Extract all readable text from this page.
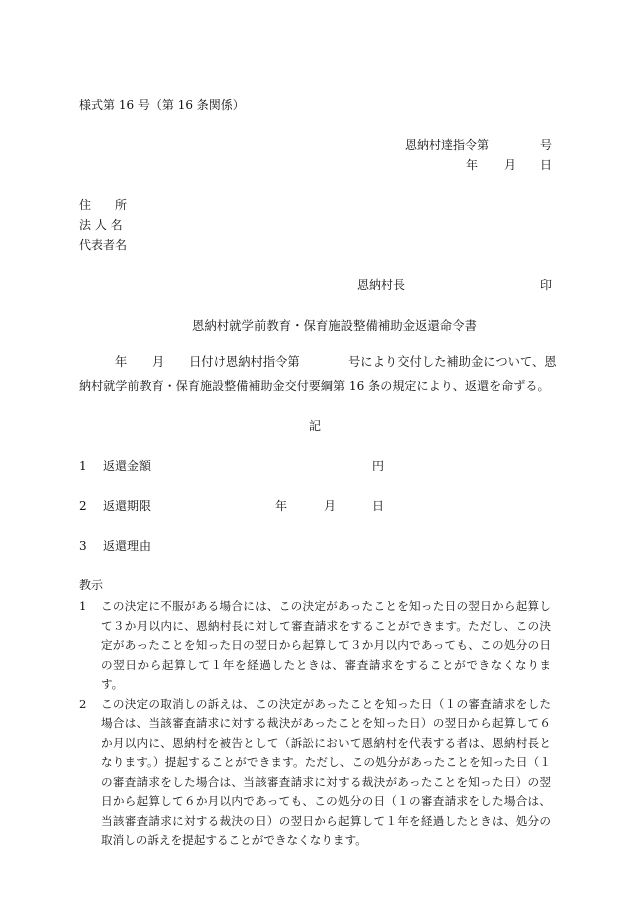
様式第 16 号（第 16 条関係）
恩納村達指令第	号
年 月 日
住　　所
法 人 名
代表者名
恩納村長	印
恩納村就学前教育・保育施設整備補助金返還命令書
年 月 日付け恩納村指令第	号により交付した補助金について、恩
納村就学前教育・保育施設整備補助金交付要綱第 16 条の規定により、返還を命ずる。
記
1 返還金額	円
2 返還期限	年	月	日
3 返還理由
教示
1	この決定に不服がある場合には、この決定があったことを知った日の翌日から起算して３か月以内に、恩納村長に対して審査請求をすることができます。ただし、この決定があったことを知った日の翌日から起算して３か月以内であっても、この処分の日の翌日から起算して１年を経過したときは、審査請求をすることができなくなります。
2	この決定の取消しの訴えは、この決定があったことを知った日（１の審査請求をした場合は、当該審査請求に対する裁決があったことを知った日）の翌日から起算して６か月以内に、恩納村を被告として（訴訟において恩納村を代表する者は、恩納村長となります。）提起することができます。ただし、この処分があったことを知った日（１の審査請求をした場合は、当該審査請求に対する裁決があったことを知った日）の翌日から起算して６か月以内であっても、この処分の日（１の審査請求をした場合は、当該審査請求に対する裁決の日）の翌日から起算して１年を経過したときは、処分の取消しの訴えを提起することができなくなります。
